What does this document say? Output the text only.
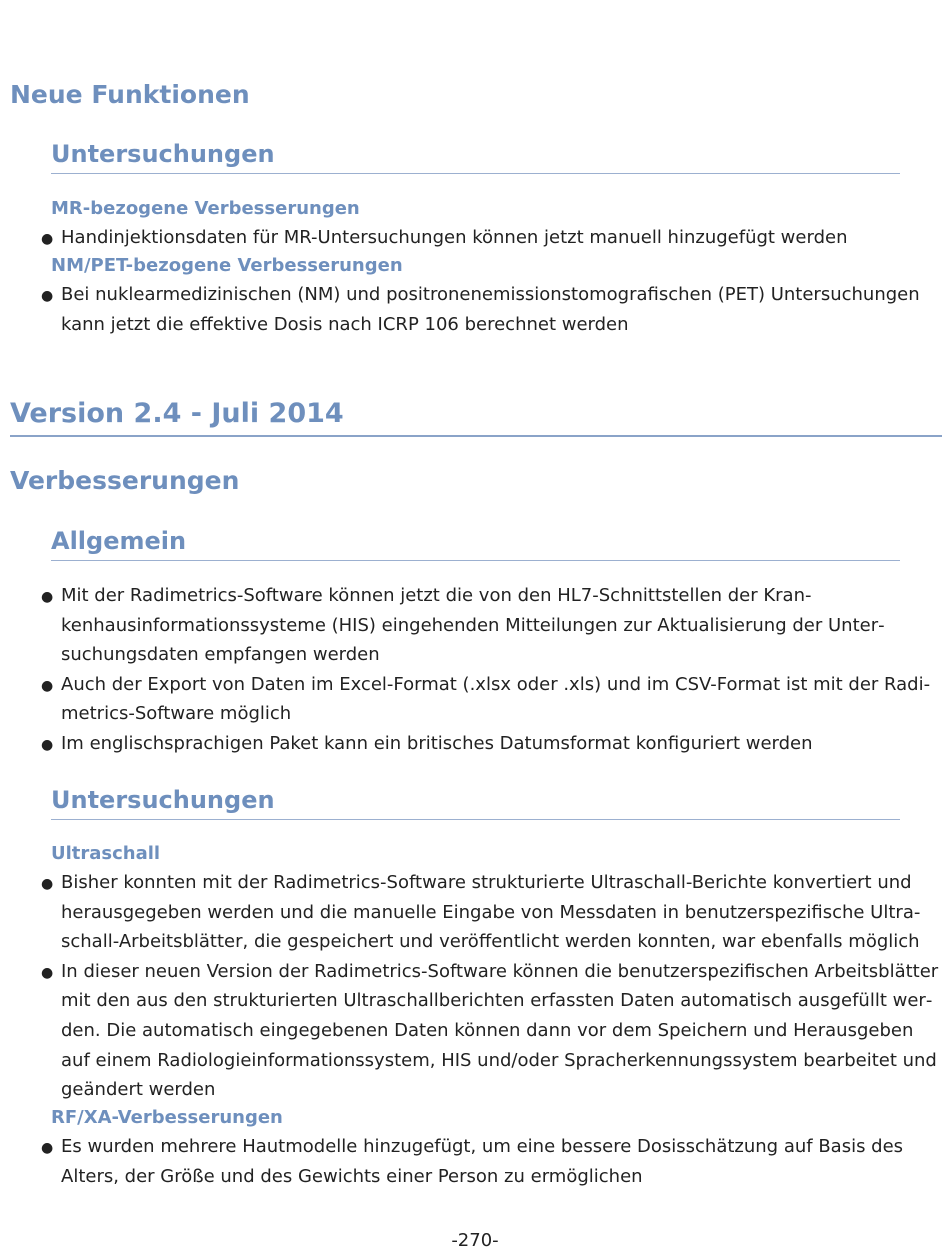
Neue Funktionen
Untersuchungen
MR-bezogene Verbesserungen
● Handinjektionsdaten für MR-Untersuchungen können jetzt manuell hinzugefügt werden
NM/PET-bezogene Verbesserungen
● Bei nuklearmedizinischen (NM) und positronenemissionstomografischen (PET) Untersuchungen kann jetzt die effektive Dosis nach ICRP 106 berechnet werden
Version 2.4 - Juli 2014
Verbesserungen
Allgemein
● Mit der Radimetrics-Software können jetzt die von den HL7-Schnittstellen der Krankenhausinformationssysteme (HIS) eingehenden Mitteilungen zur Aktualisierung der Untersuchungsdaten empfangen werden
● Auch der Export von Daten im Excel-Format (.xlsx oder .xls) und im CSV-Format ist mit der Radimetrics-Software möglich
● Im englischsprachigen Paket kann ein britisches Datumsformat konfiguriert werden
Untersuchungen
Ultraschall
● Bisher konnten mit der Radimetrics-Software strukturierte Ultraschall-Berichte konvertiert und herausgegeben werden und die manuelle Eingabe von Messdaten in benutzerspezifische Ultraschall-Arbeitsblätter, die gespeichert und veröffentlicht werden konnten, war ebenfalls möglich
● In dieser neuen Version der Radimetrics-Software können die benutzerspezifischen Arbeitsblätter mit den aus den strukturierten Ultraschallberichten erfassten Daten automatisch ausgefüllt werden. Die automatisch eingegebenen Daten können dann vor dem Speichern und Herausgeben auf einem Radiologieinformationssystem, HIS und/oder Spracherkennungssystem bearbeitet und geändert werden
RF/XA-Verbesserungen
● Es wurden mehrere Hautmodelle hinzugefügt, um eine bessere Dosisschätzung auf Basis des Alters, der Größe und des Gewichts einer Person zu ermöglichen
-270-
